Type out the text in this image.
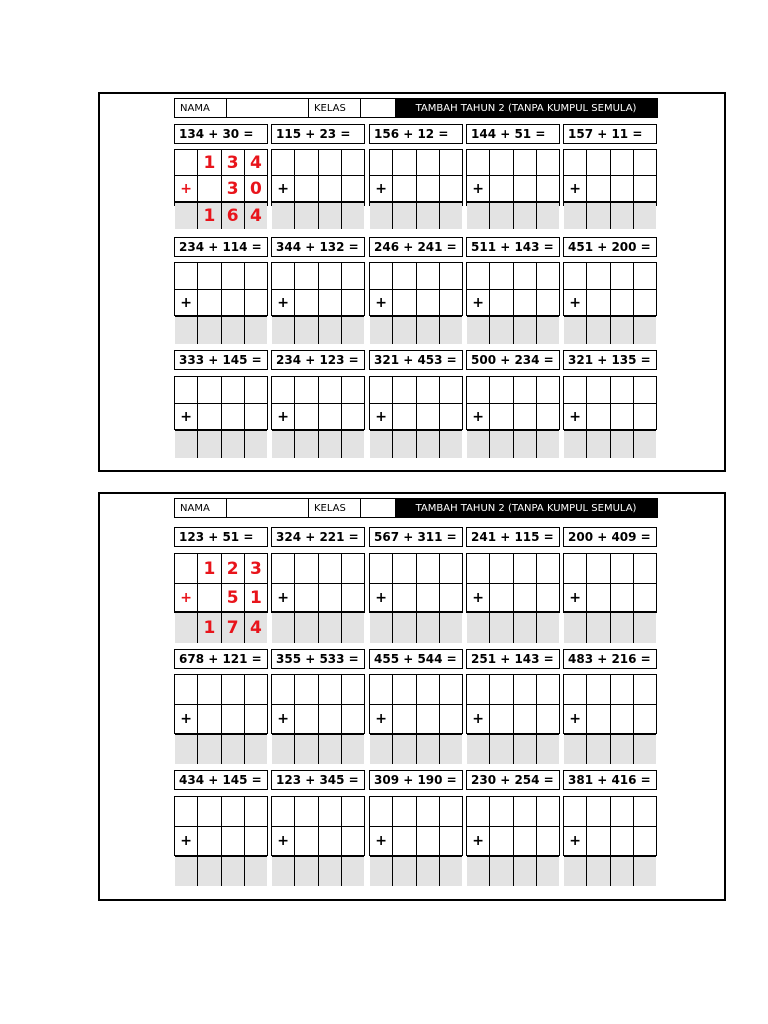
NAMA	KELAS	TAMBAH TAHUN 2 (TANPA KUMPUL SEMULA)
134 + 30 =
1 3 4
+	3 0
1 6 4
115 + 23 =
+
156 + 12 =
+
144 + 51 =
+
157 + 11 =
+
234 + 114 =
+
344 + 132 =
+
246 + 241 =
+
511 + 143 =
+
451 + 200 =
+
333 + 145 =
+
234 + 123 =
+
321 + 453 =
+
500 + 234 =
+
321 + 135 =
+
NAMA	KELAS	TAMBAH TAHUN 2 (TANPA KUMPUL SEMULA)
123 + 51 =
1 2 3
+	5 1
1 7 4
324 + 221 =
+
567 + 311 =
+
241 + 115 =
+
200 + 409 =
+
678 + 121 =
+
355 + 533 =
+
455 + 544 =
+
251 + 143 =
+
483 + 216 =
+
434 + 145 =
+
123 + 345 =
+
309 + 190 =
+
230 + 254 =
+
381 + 416 =
+
